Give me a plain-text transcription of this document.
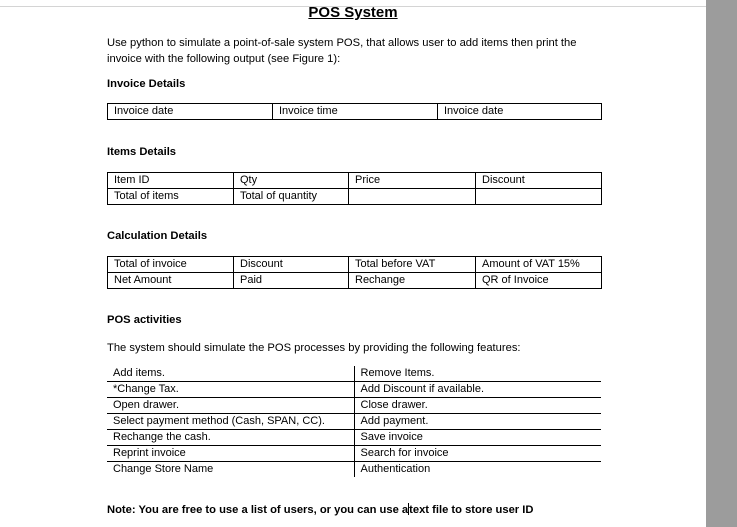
POS System
Use python to simulate a point-of-sale system POS, that allows user to add items then print the
invoice with the following output (see Figure 1):
Invoice Details
Invoice date	Invoice time	Invoice date
Items Details
Item ID	Qty	Price	Discount
Total of items	Total of quantity		
Calculation Details
Total of invoice	Discount	Total before VAT	Amount of VAT 15%
Net Amount	Paid	Rechange	QR of Invoice
POS activities
The system should simulate the POS processes by providing the following features:
Add items.	Remove Items.
*Change Tax.	Add Discount if available.
Open drawer.	Close drawer.
Select payment method (Cash, SPAN, CC).	Add payment.
Rechange the cash.	Save invoice
Reprint invoice	Search for invoice
Change Store Name	Authentication
Note: You are free to use a list of users, or you can use atext file to store user ID
